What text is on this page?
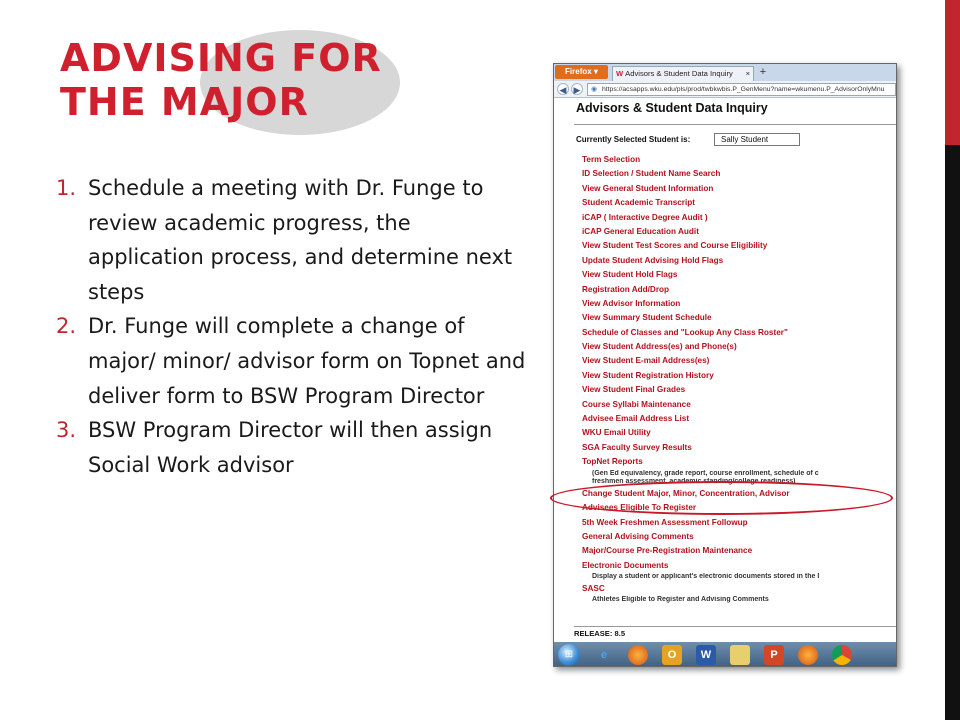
ADVISING FOR
THE MAJOR
1. Schedule a meeting with Dr. Funge to review academic progress, the application process, and determine next steps
2. Dr. Funge will complete a change of major/ minor/ advisor form on Topnet and deliver form to BSW Program Director
3. BSW Program Director will then assign Social Work advisor
Firefox ▾	W Advisors & Student Data Inquiry × +
◀ ▶	◉ https://acsapps.wku.edu/pls/prod/twbkwbis.P_GenMenu?name=wkumenu.P_AdvisorOnlyMnu
Advisors & Student Data Inquiry
Currently Selected Student is:	Sally Student
Term Selection
ID Selection / Student Name Search
View General Student Information
Student Academic Transcript
iCAP ( Interactive Degree Audit )
iCAP General Education Audit
View Student Test Scores and Course Eligibility
Update Student Advising Hold Flags
View Student Hold Flags
Registration Add/Drop
View Advisor Information
View Summary Student Schedule
Schedule of Classes and "Lookup Any Class Roster"
View Student Address(es) and Phone(s)
View Student E-mail Address(es)
View Student Registration History
View Student Final Grades
Course Syllabi Maintenance
Advisee Email Address List
WKU Email Utility
SGA Faculty Survey Results
TopNet Reports
(Gen Ed equivalency, grade report, course enrollment, schedule of c
freshmen assessment, academic standing/college readiness)
Change Student Major, Minor, Concentration, Advisor
Advisees Eligible To Register
5th Week Freshmen Assessment Followup
General Advising Comments
Major/Course Pre-Registration Maintenance
Electronic Documents
Display a student or applicant's electronic documents stored in the I
SASC
Athletes Eligible to Register and Advising Comments
RELEASE: 8.5
⊞	e	O	W	P
